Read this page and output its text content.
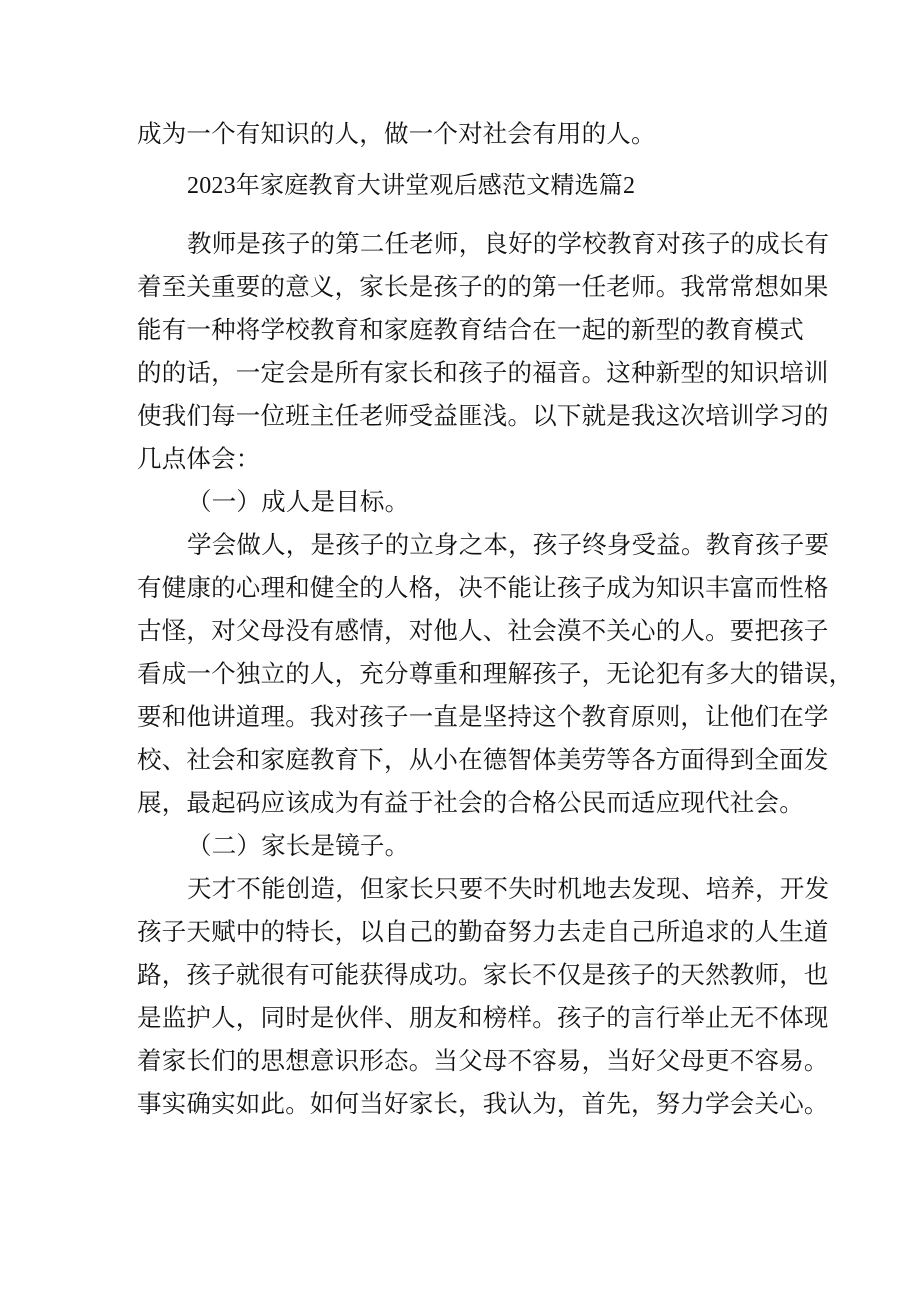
成为一个有知识的人，做一个对社会有用的人。
2023年家庭教育大讲堂观后感范文精选篇2
教师是孩子的第二任老师，良好的学校教育对孩子的成长有
着至关重要的意义，家长是孩子的的第一任老师。我常常想如果
能有一种将学校教育和家庭教育结合在一起的新型的教育模式
的的话，一定会是所有家长和孩子的福音。这种新型的知识培训
使我们每一位班主任老师受益匪浅。以下就是我这次培训学习的
几点体会：
（一）成人是目标。
学会做人，是孩子的立身之本，孩子终身受益。教育孩子要
有健康的心理和健全的人格，决不能让孩子成为知识丰富而性格
古怪，对父母没有感情，对他人、社会漠不关心的人。要把孩子
看成一个独立的人，充分尊重和理解孩子，无论犯有多大的错误，
要和他讲道理。我对孩子一直是坚持这个教育原则，让他们在学
校、社会和家庭教育下，从小在德智体美劳等各方面得到全面发
展，最起码应该成为有益于社会的合格公民而适应现代社会。
（二）家长是镜子。
天才不能创造，但家长只要不失时机地去发现、培养，开发
孩子天赋中的特长，以自己的勤奋努力去走自己所追求的人生道
路，孩子就很有可能获得成功。家长不仅是孩子的天然教师，也
是监护人，同时是伙伴、朋友和榜样。孩子的言行举止无不体现
着家长们的思想意识形态。当父母不容易，当好父母更不容易。
事实确实如此。如何当好家长，我认为，首先，努力学会关心。
